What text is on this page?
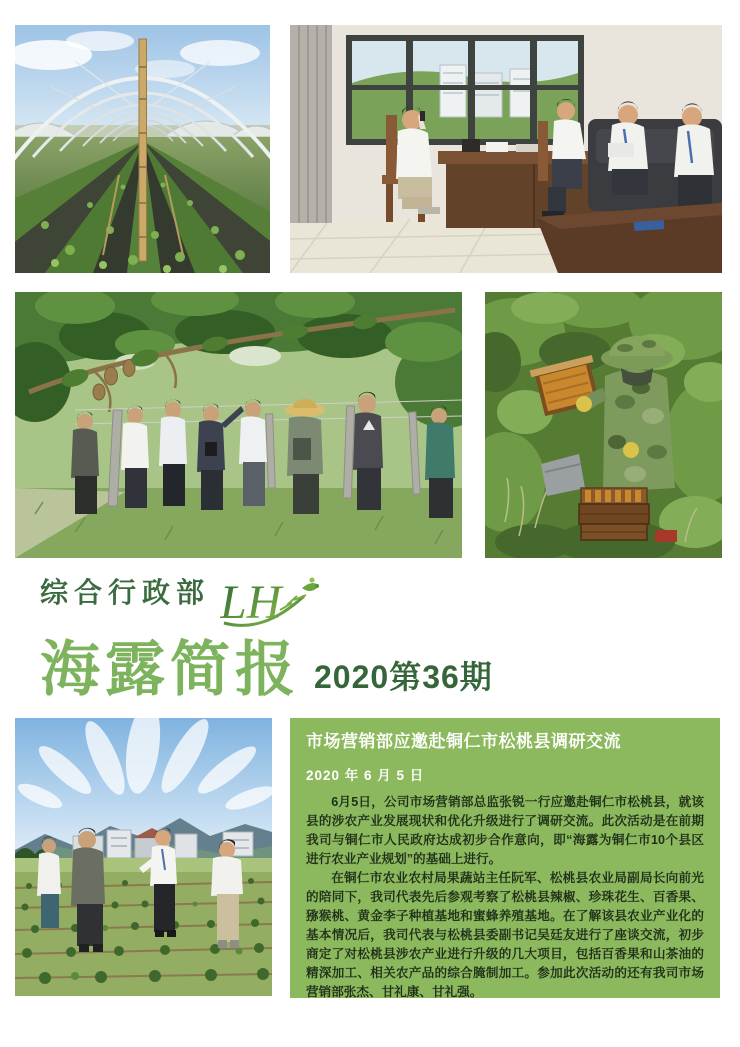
综合行政部 LH
海露简报 2020第36期
市场营销部应邀赴铜仁市松桃县调研交流
2020 年 6 月 5 日

6月5日，公司市场营销部总监张锐一行应邀赴铜仁市松桃县，就该县的涉农产业发展现状和优化升级进行了调研交流。此次活动是在前期我司与铜仁市人民政府达成初步合作意向，即“海露为铜仁市10个县区进行农业产业规划”的基础上进行。

在铜仁市农业农村局果蔬站主任阮军、松桃县农业局副局长向前光的陪同下，我司代表先后参观考察了松桃县辣椒、珍珠花生、百香果、猕猴桃、黄金李子种植基地和蜜蜂养殖基地。在了解该县农业产业化的基本情况后，我司代表与松桃县委副书记吴廷友进行了座谈交流，初步商定了对松桃县涉农产业进行升级的几大项目，包括百香果和山茶油的精深加工、相关农产品的综合腌制加工。参加此次活动的还有我司市场营销部张杰、甘礼康、甘礼强。
